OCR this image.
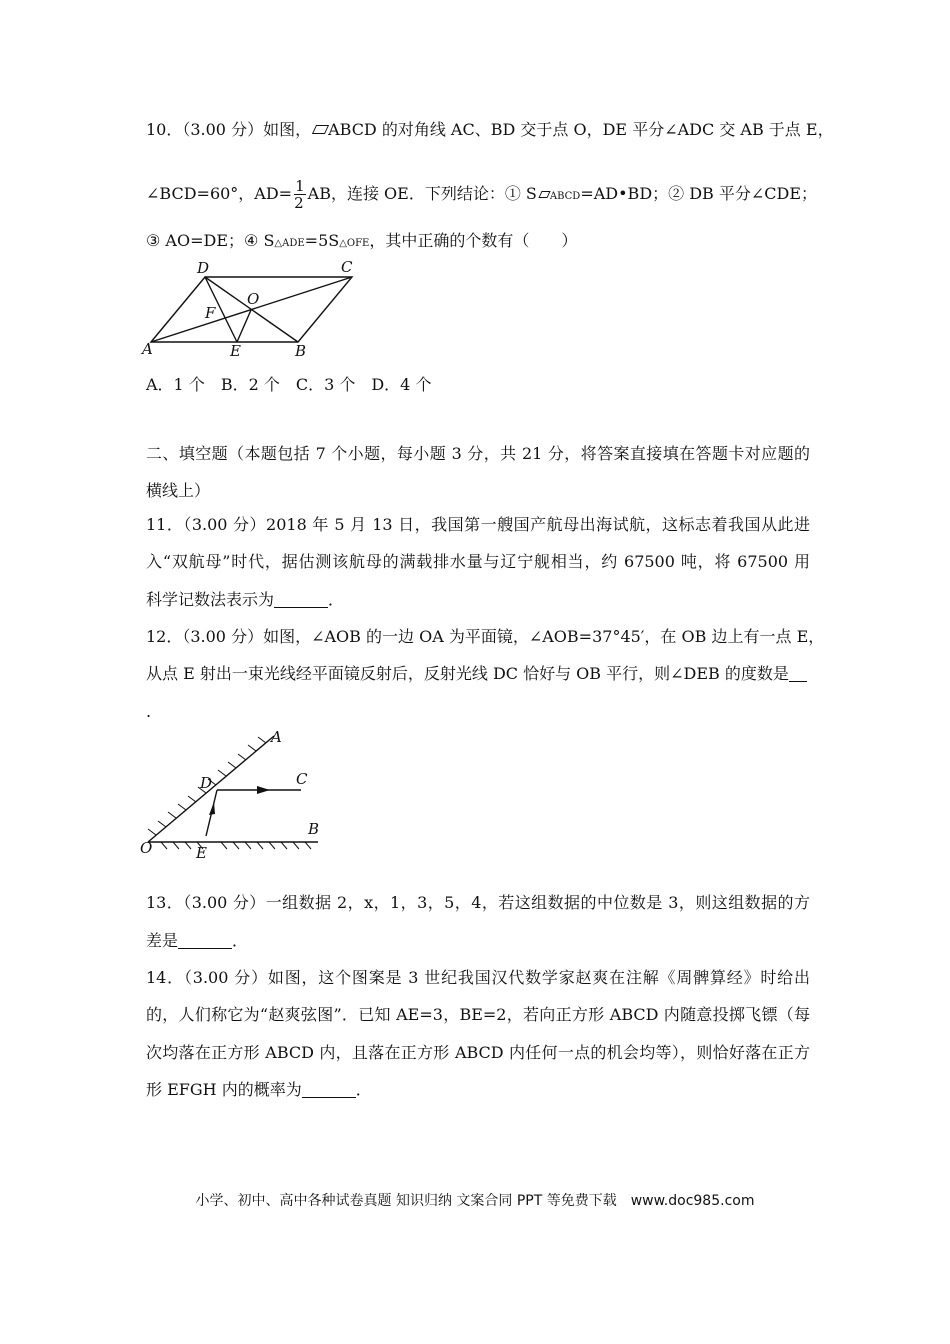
10．（3.00 分）如图， ABCD 的对角线 AC、BD 交于点 O，DE 平分∠ADC 交 AB 于点 E，
∠BCD=60°，$AD= \frac{1}{2}$ AB，连接 OE．下列结论：① S ABCD=AD•BD；② DB 平分∠CDE；
③ AO=DE；④ S△ADE=5S△OFE，其中正确的个数有（　　）
D	C
O
F
A	E	B
A．1 个　B．2 个　C．3 个　D．4 个
二、填空题（本题包括 7 个小题，每小题 3 分，共 21 分，将答案直接填在答题卡对应题的
横线上）
11．（3.00 分）2018 年 5 月 13 日，我国第一艘国产航母出海试航，这标志着我国从此进
入“双航母”时代，据估测该航母的满载排水量与辽宁舰相当，约 67500 吨，将 67500 用
科学记数法表示为	．
12．（3.00 分）如图，∠AOB 的一边 OA 为平面镜，∠AOB=37°45′，在 OB 边上有一点 E，
从点 E 射出一束光线经平面镜反射后，反射光线 DC 恰好与 OB 平行，则∠DEB 的度数是
.
A
D	C
B
O	E
13．（3.00 分）一组数据 2，x，1，3，5，4，若这组数据的中位数是 3，则这组数据的方
差是	．
14．（3.00 分）如图，这个图案是 3 世纪我国汉代数学家赵爽在注解《周髀算经》时给出
的，人们称它为“赵爽弦图”．已知 AE=3，BE=2，若向正方形 ABCD 内随意投掷飞镖（每
次均落在正方形 ABCD 内，且落在正方形 ABCD 内任何一点的机会均等），则恰好落在正方
形 EFGH 内的概率为	．
小学、初中、高中各种试卷真题 知识归纳 文案合同 PPT 等免费下载　www.doc985.com
